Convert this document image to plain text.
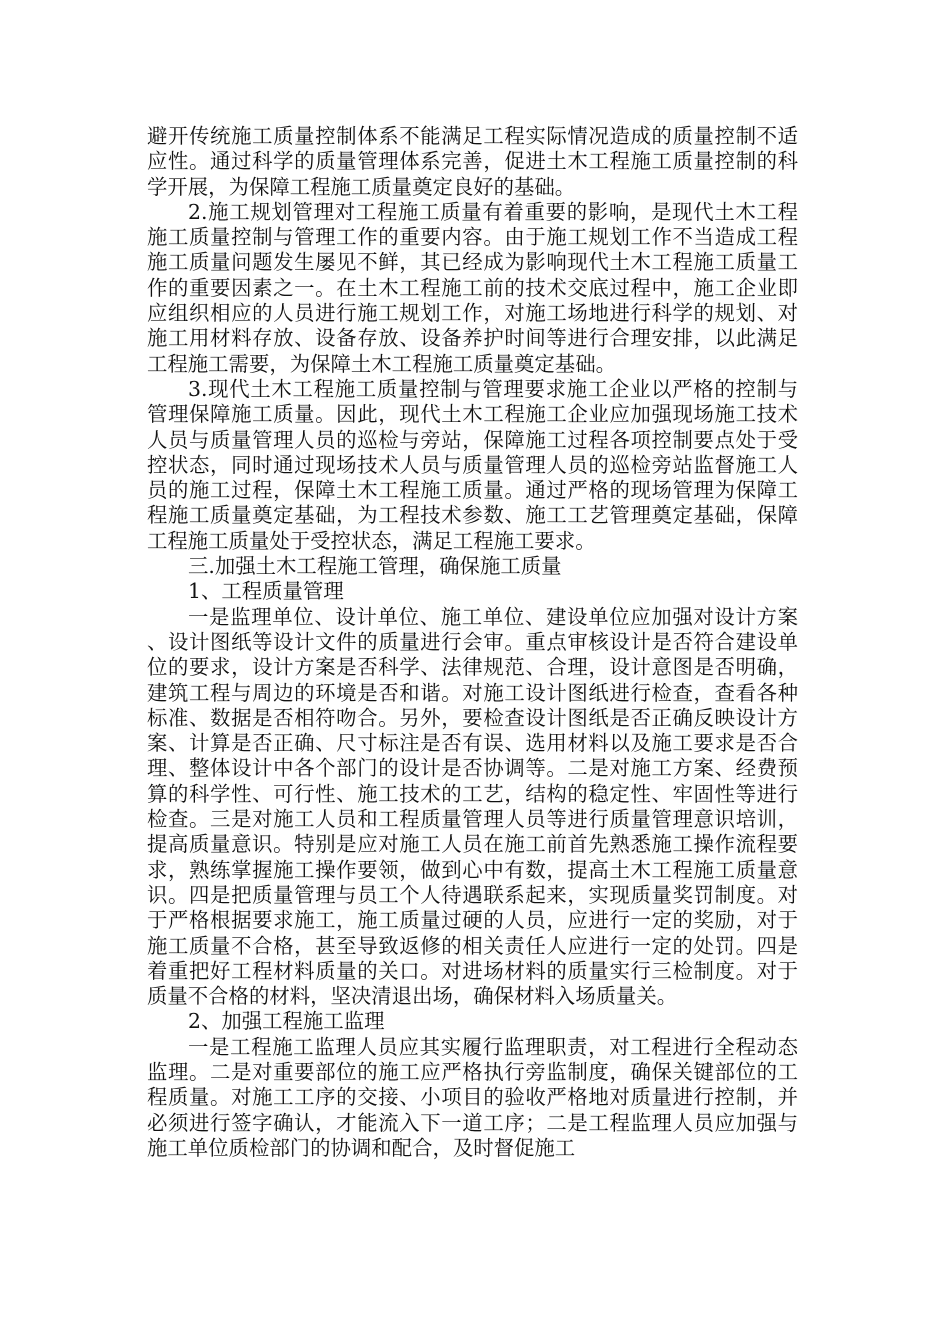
避开传统施工质量控制体系不能满足工程实际情况造成的质量控制不适应性。通过科学的质量管理体系完善，促进土木工程施工质量控制的科学开展，为保障工程施工质量奠定良好的基础。

2.施工规划管理对工程施工质量有着重要的影响，是现代土木工程施工质量控制与管理工作的重要内容。由于施工规划工作不当造成工程施工质量问题发生屡见不鲜，其已经成为影响现代土木工程施工质量工作的重要因素之一。在土木工程施工前的技术交底过程中，施工企业即应组织相应的人员进行施工规划工作，对施工场地进行科学的规划、对施工用材料存放、设备存放、设备养护时间等进行合理安排，以此满足工程施工需要，为保障土木工程施工质量奠定基础。

3.现代土木工程施工质量控制与管理要求施工企业以严格的控制与管理保障施工质量。因此，现代土木工程施工企业应加强现场施工技术人员与质量管理人员的巡检与旁站，保障施工过程各项控制要点处于受控状态，同时通过现场技术人员与质量管理人员的巡检旁站监督施工人员的施工过程，保障土木工程施工质量。通过严格的现场管理为保障工程施工质量奠定基础，为工程技术参数、施工工艺管理奠定基础，保障工程施工质量处于受控状态，满足工程施工要求。

三.加强土木工程施工管理，确保施工质量

1、工程质量管理

一是监理单位、设计单位、施工单位、建设单位应加强对设计方案、设计图纸等设计文件的质量进行会审。重点审核设计是否符合建设单位的要求，设计方案是否科学、法律规范、合理，设计意图是否明确，建筑工程与周边的环境是否和谐。对施工设计图纸进行检查，查看各种标准、数据是否相符吻合。另外，要检查设计图纸是否正确反映设计方案、计算是否正确、尺寸标注是否有误、选用材料以及施工要求是否合理、整体设计中各个部门的设计是否协调等。二是对施工方案、经费预算的科学性、可行性、施工技术的工艺，结构的稳定性、牢固性等进行检查。三是对施工人员和工程质量管理人员等进行质量管理意识培训，提高质量意识。特别是应对施工人员在施工前首先熟悉施工操作流程要求，熟练掌握施工操作要领，做到心中有数，提高土木工程施工质量意识。四是把质量管理与员工个人待遇联系起来，实现质量奖罚制度。对于严格根据要求施工，施工质量过硬的人员，应进行一定的奖励，对于施工质量不合格，甚至导致返修的相关责任人应进行一定的处罚。四是着重把好工程材料质量的关口。对进场材料的质量实行三检制度。对于质量不合格的材料，坚决清退出场，确保材料入场质量关。

2、加强工程施工监理

一是工程施工监理人员应其实履行监理职责，对工程进行全程动态监理。二是对重要部位的施工应严格执行旁监制度，确保关键部位的工程质量。对施工工序的交接、小项目的验收严格地对质量进行控制，并必须进行签字确认，才能流入下一道工序；二是工程监理人员应加强与施工单位质检部门的协调和配合，及时督促施工
